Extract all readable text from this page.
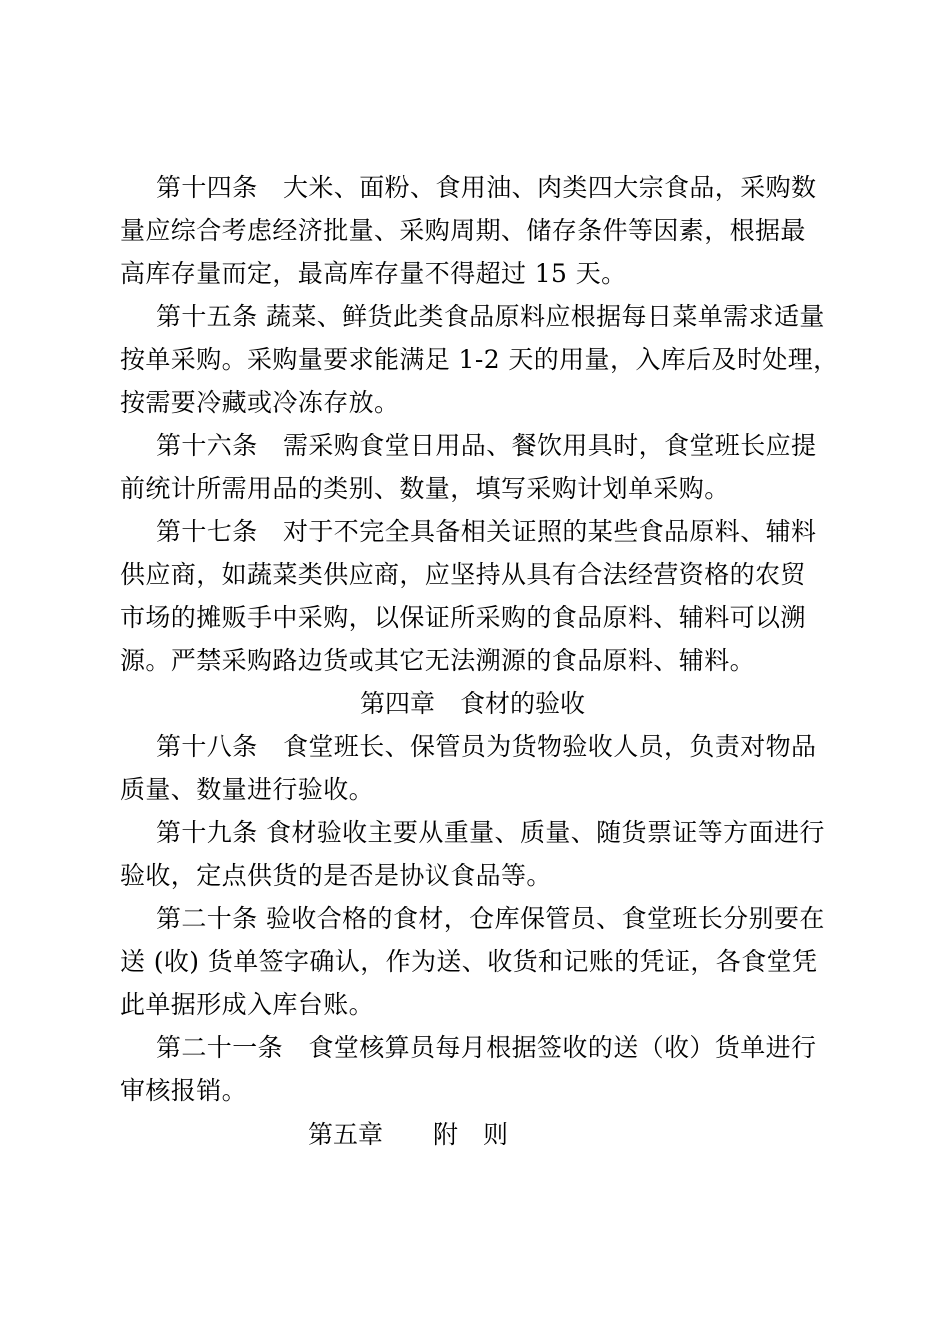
第十四条　大米、面粉、食用油、肉类四大宗食品，采购数
量应综合考虑经济批量、采购周期、储存条件等因素，根据最
高库存量而定，最高库存量不得超过 15 天。
第十五条 蔬菜、鲜货此类食品原料应根据每日菜单需求适量
按单采购。采购量要求能满足 1-2 天的用量，入库后及时处理，
按需要冷藏或冷冻存放。
第十六条　需采购食堂日用品、餐饮用具时，食堂班长应提
前统计所需用品的类别、数量，填写采购计划单采购。
第十七条　对于不完全具备相关证照的某些食品原料、辅料
供应商，如蔬菜类供应商，应坚持从具有合法经营资格的农贸
市场的摊贩手中采购，以保证所采购的食品原料、辅料可以溯
源。严禁采购路边货或其它无法溯源的食品原料、辅料。
第四章　食材的验收
第十八条　食堂班长、保管员为货物验收人员，负责对物品
质量、数量进行验收。
第十九条 食材验收主要从重量、质量、随货票证等方面进行
验收，定点供货的是否是协议食品等。
第二十条 验收合格的食材，仓库保管员、食堂班长分别要在
送 (收) 货单签字确认，作为送、收货和记账的凭证，各食堂凭
此单据形成入库台账。
第二十一条　食堂核算员每月根据签收的送（收）货单进行
审核报销。
第五章　　附　则
